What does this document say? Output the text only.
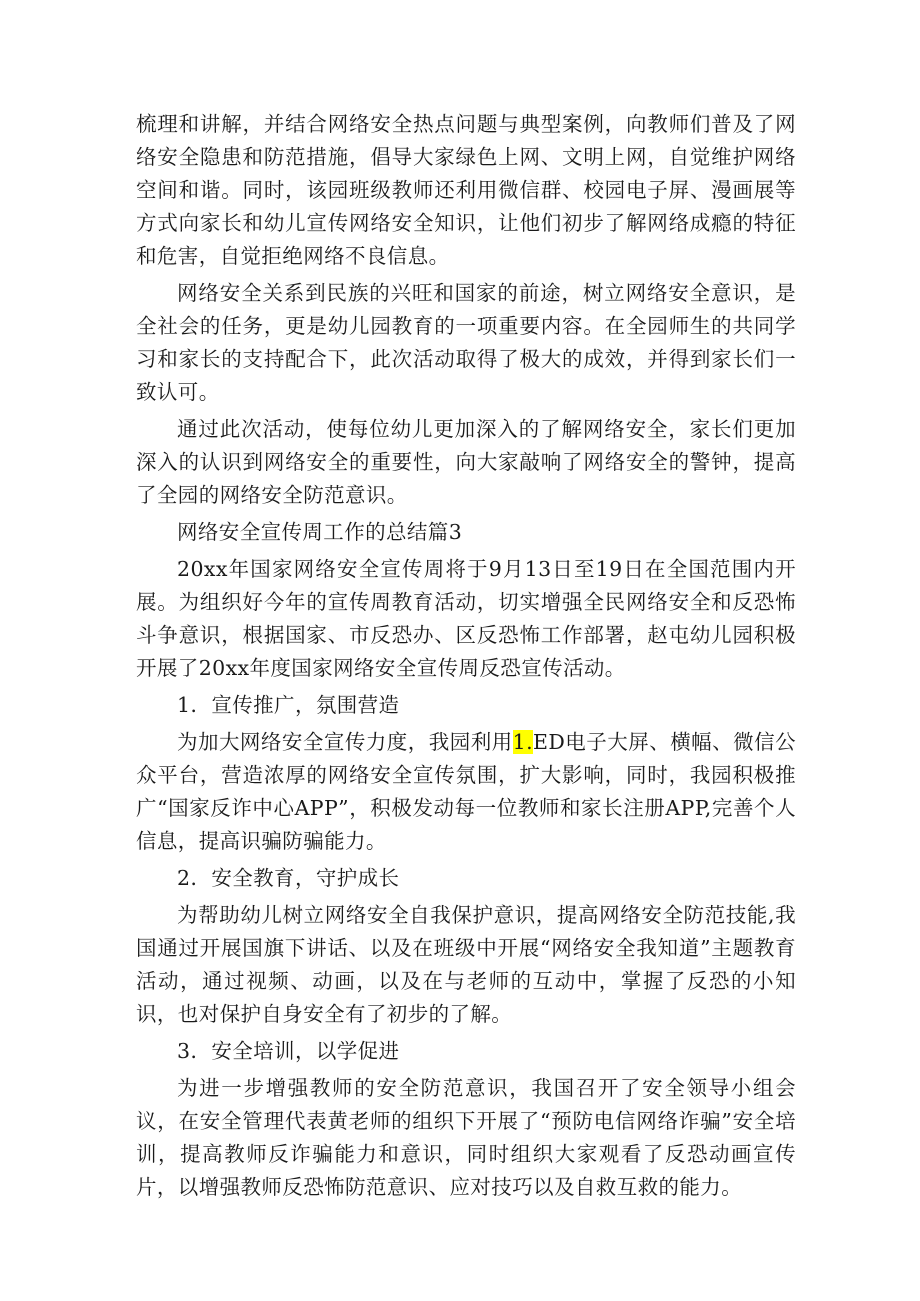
梳理和讲解，并结合网络安全热点问题与典型案例，向教师们普及了网络安全隐患和防范措施，倡导大家绿色上网、文明上网，自觉维护网络空间和谐。同时，该园班级教师还利用微信群、校园电子屏、漫画展等方式向家长和幼儿宣传网络安全知识，让他们初步了解网络成瘾的特征和危害，自觉拒绝网络不良信息。

网络安全关系到民族的兴旺和国家的前途，树立网络安全意识，是全社会的任务，更是幼儿园教育的一项重要内容。在全园师生的共同学习和家长的支持配合下，此次活动取得了极大的成效，并得到家长们一致认可。

通过此次活动，使每位幼儿更加深入的了解网络安全，家长们更加深入的认识到网络安全的重要性，向大家敲响了网络安全的警钟，提高了全园的网络安全防范意识。

网络安全宣传周工作的总结篇3

20xx年国家网络安全宣传周将于9月13日至19日在全国范围内开展。为组织好今年的宣传周教育活动，切实增强全民网络安全和反恐怖斗争意识，根据国家、市反恐办、区反恐怖工作部署，赵屯幼儿园积极开展了20xx年度国家网络安全宣传周反恐宣传活动。

1．宣传推广，氛围营造

为加大网络安全宣传力度，我园利用1.ED电子大屏、横幅、微信公众平台，营造浓厚的网络安全宣传氛围，扩大影响，同时，我园积极推广“国家反诈中心APP”，积极发动每一位教师和家长注册APP,完善个人信息，提高识骗防骗能力。

2．安全教育，守护成长

为帮助幼儿树立网络安全自我保护意识，提高网络安全防范技能,我国通过开展国旗下讲话、以及在班级中开展“网络安全我知道”主题教育活动，通过视频、动画，以及在与老师的互动中，掌握了反恐的小知识，也对保护自身安全有了初步的了解。

3．安全培训，以学促进

为进一步增强教师的安全防范意识，我国召开了安全领导小组会议，在安全管理代表黄老师的组织下开展了“预防电信网络诈骗”安全培训，提高教师反诈骗能力和意识，同时组织大家观看了反恐动画宣传片，以增强教师反恐怖防范意识、应对技巧以及自救互救的能力。
